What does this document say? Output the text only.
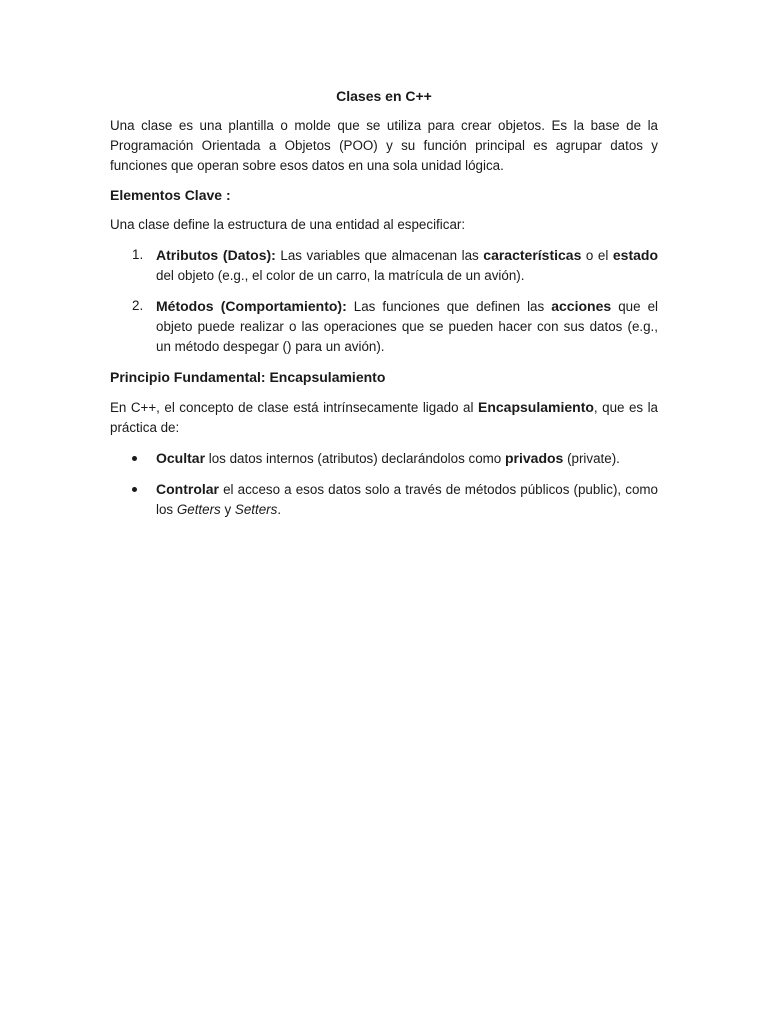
Clases en C++

Una clase es una plantilla o molde que se utiliza para crear objetos. Es la base de la Programación Orientada a Objetos (POO) y su función principal es agrupar datos y funciones que operan sobre esos datos en una sola unidad lógica.

Elementos Clave :

Una clase define la estructura de una entidad al especificar:

1. Atributos (Datos): Las variables que almacenan las características o el estado del objeto (e.g., el color de un carro, la matrícula de un avión).
2. Métodos (Comportamiento): Las funciones que definen las acciones que el objeto puede realizar o las operaciones que se pueden hacer con sus datos (e.g., un método despegar () para un avión).
Principio Fundamental: Encapsulamiento

En C++, el concepto de clase está intrínsecamente ligado al Encapsulamiento, que es la práctica de:

Ocultar los datos internos (atributos) declarándolos como privados (private).
Controlar el acceso a esos datos solo a través de métodos públicos (public), como los Getters y Setters.
